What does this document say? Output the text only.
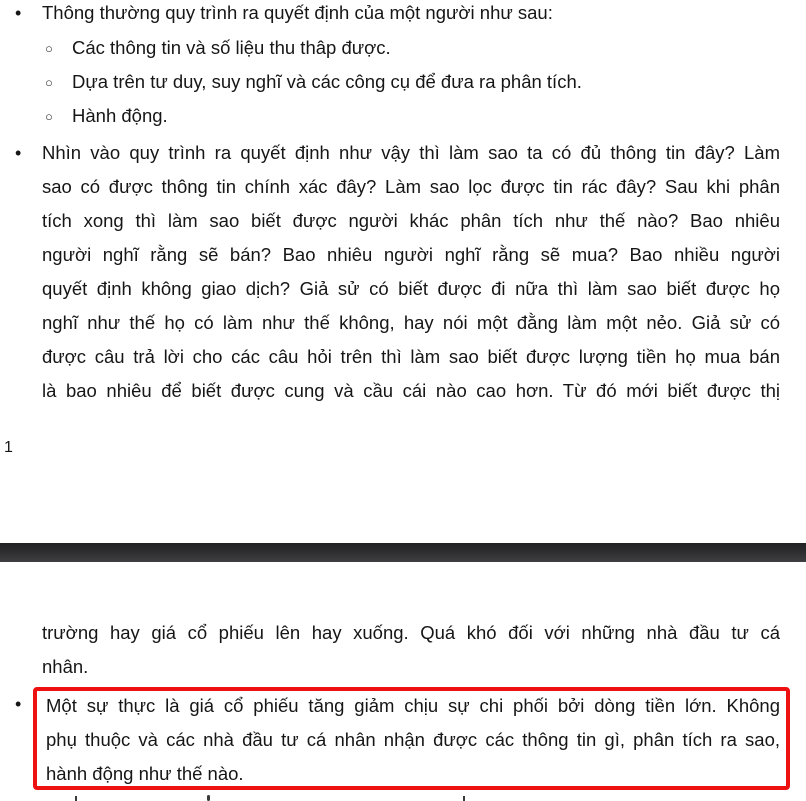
• Thông thường quy trình ra quyết định của một người như sau:
○ Các thông tin và số liệu thu thâp được.
○ Dựa trên tư duy, suy nghĩ và các công cụ để đưa ra phân tích.
○ Hành động.
• Nhìn vào quy trình ra quyết định như vậy thì làm sao ta có đủ thông tin đây? Làm
sao có được thông tin chính xác đây? Làm sao lọc được tin rác đây? Sau khi phân
tích xong thì làm sao biết được người khác phân tích như thế nào? Bao nhiêu
người nghĩ rằng sẽ bán? Bao nhiêu người nghĩ rằng sẽ mua? Bao nhiều người
quyết định không giao dịch? Giả sử có biết được đi nữa thì làm sao biết được họ
nghĩ như thế họ có làm như thế không, hay nói một đằng làm một nẻo. Giả sử có
được câu trả lời cho các câu hỏi trên thì làm sao biết được lượng tiền họ mua bán
là bao nhiêu để biết được cung và cầu cái nào cao hơn. Từ đó mới biết được thị
1
trường hay giá cổ phiếu lên hay xuống. Quá khó đối với những nhà đầu tư cá
nhân.
• Một sự thực là giá cổ phiếu tăng giảm chịu sự chi phối bởi dòng tiền lớn. Không
phụ thuộc và các nhà đầu tư cá nhân nhận được các thông tin gì, phân tích ra sao,
hành động như thế nào.
